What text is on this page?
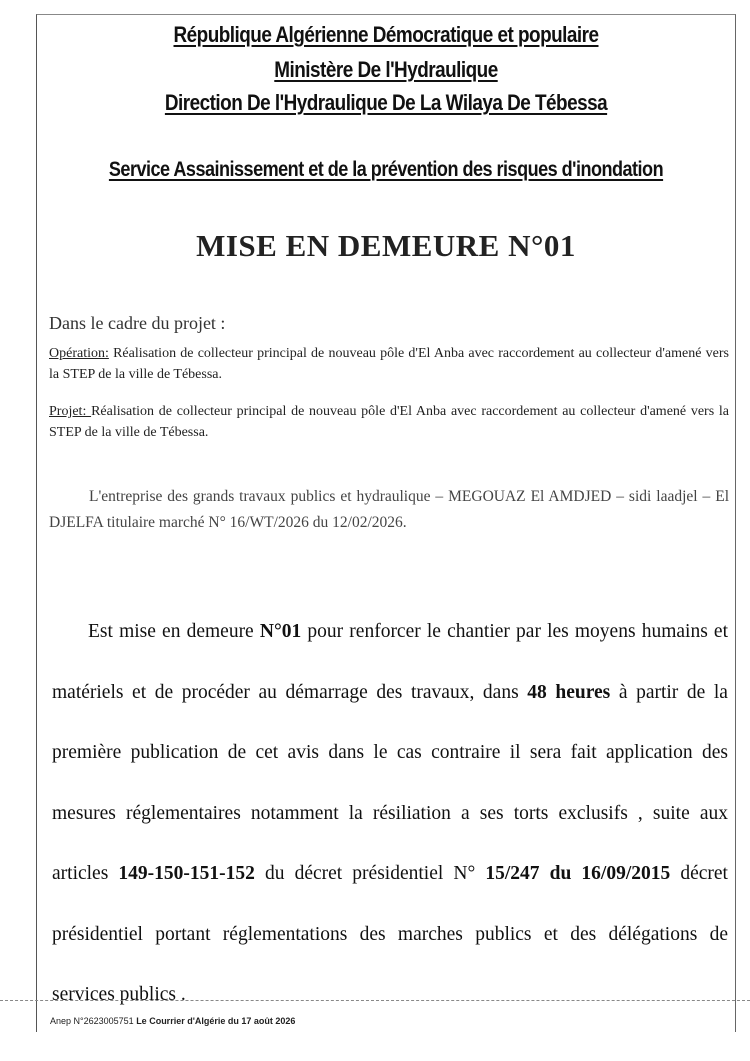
République Algérienne Démocratique et populaire
Ministère De l'Hydraulique
Direction De l'Hydraulique De La Wilaya De Tébessa
Service Assainissement et de la prévention des risques d'inondation
MISE EN DEMEURE N°01
Dans le cadre du projet :
Opération: Réalisation de collecteur principal de nouveau pôle d'El Anba avec raccordement au collecteur d'amené vers la STEP de la ville de Tébessa.
Projet: Réalisation de collecteur principal de nouveau pôle d'El Anba avec raccordement au collecteur d'amené vers la STEP de la ville de Tébessa.
L'entreprise des grands travaux publics et hydraulique – MEGOUAZ El AMDJED – sidi laadjel – El DJELFA titulaire marché N° 16/WT/2026 du 12/02/2026.
Est mise en demeure N°01 pour renforcer le chantier par les moyens humains et matériels et de procéder au démarrage des travaux, dans 48 heures à partir de la première publication de cet avis dans le cas contraire il sera fait application des mesures réglementaires notamment la résiliation a ses torts exclusifs , suite aux articles 149-150-151-152 du décret présidentiel N° 15/247 du 16/09/2015 décret présidentiel portant réglementations des marches publics et des délégations de services publics .
Anep N°2623005751 Le Courrier d'Algérie du 17 août 2026
